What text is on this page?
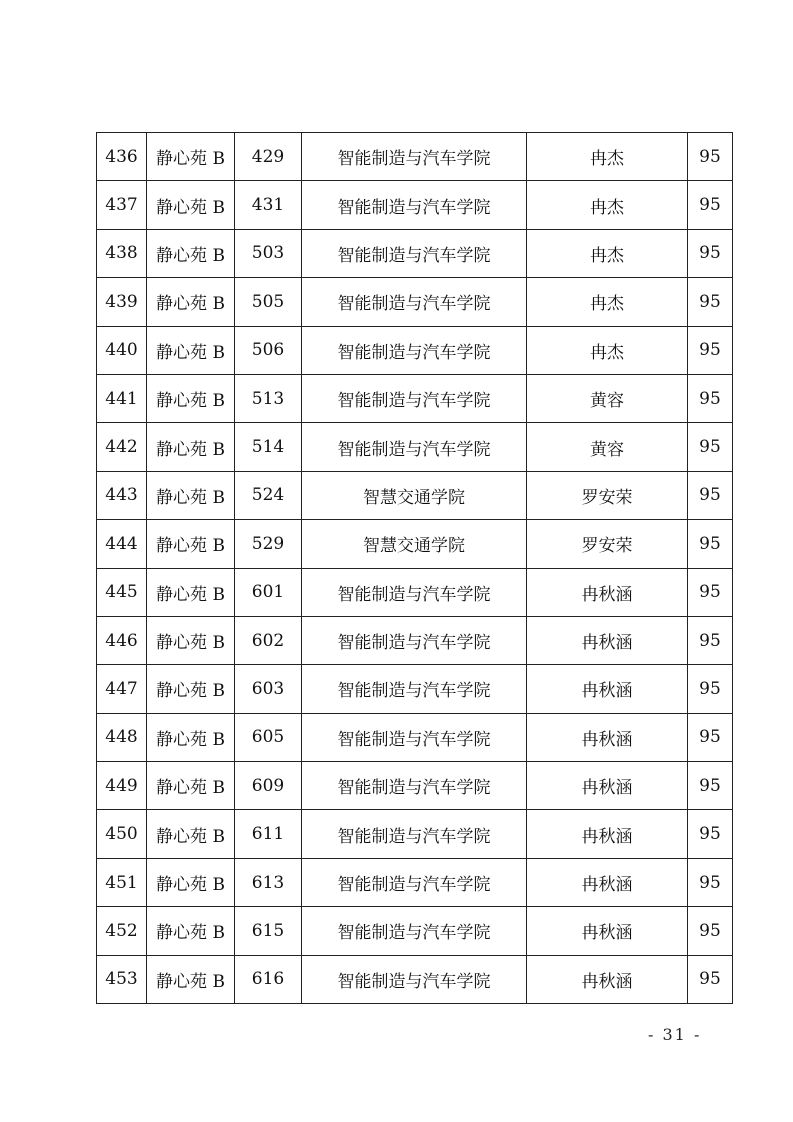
436	静心苑 B	429	智能制造与汽车学院	冉杰	95
437	静心苑 B	431	智能制造与汽车学院	冉杰	95
438	静心苑 B	503	智能制造与汽车学院	冉杰	95
439	静心苑 B	505	智能制造与汽车学院	冉杰	95
440	静心苑 B	506	智能制造与汽车学院	冉杰	95
441	静心苑 B	513	智能制造与汽车学院	黄容	95
442	静心苑 B	514	智能制造与汽车学院	黄容	95
443	静心苑 B	524	智慧交通学院	罗安荣	95
444	静心苑 B	529	智慧交通学院	罗安荣	95
445	静心苑 B	601	智能制造与汽车学院	冉秋涵	95
446	静心苑 B	602	智能制造与汽车学院	冉秋涵	95
447	静心苑 B	603	智能制造与汽车学院	冉秋涵	95
448	静心苑 B	605	智能制造与汽车学院	冉秋涵	95
449	静心苑 B	609	智能制造与汽车学院	冉秋涵	95
450	静心苑 B	611	智能制造与汽车学院	冉秋涵	95
451	静心苑 B	613	智能制造与汽车学院	冉秋涵	95
452	静心苑 B	615	智能制造与汽车学院	冉秋涵	95
453	静心苑 B	616	智能制造与汽车学院	冉秋涵	95
- 31 -
